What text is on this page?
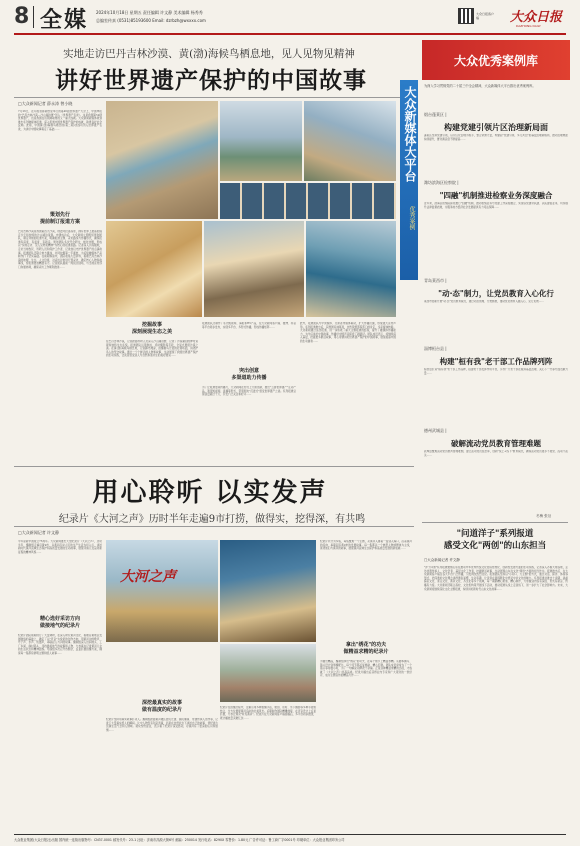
8 全媒 2024年10月18日 星期五 责任编辑 许文静 美术编辑 杨秀秀
总编室传真 (0531)85193600 Email: dzrbzh@wxxxx.com
大众日报客户端	大众日报
DAZHONG DAILY
实地走访巴丹吉林沙漠、黄(渤)海候鸟栖息地，见人见物见精神
讲好世界遗产保护的中国故事
□大众新闻记者 薛永涛 曾小晓
7月26日，在印度首都新德里举行的第46届世界遗产大会上，中国申报的"巴丹吉林沙漠—沙山湖泊群"列入《世界遗产名录》。这是我国第59项世界遗产，也是我国在该领域取得的又一重大成就。大众新闻新媒体策划推出系列融媒体报道，深入报道中国世界遗产保护的成就，取得良好社会反响。此前，中国黄(渤)海候鸟栖息地(第二期)也成功列入世界遗产名录，为讲好中国故事奠定了基础……
策划先行
提前制订报道方案
巴丹吉林沙漠是我国第四大沙漠，地处阿拉善高原，拥有世界上最高的固定沙丘和独特的沙山湖泊景观。申遗成功后，大众新闻立即组织策划团队，制定详细的报道方案，明确报道主题、采访路线与传播形式，确保报道有深度、有温度、有新意。策划团队多次开会研讨，细化选题，形成以"实地走访、见人见物见精神"为核心的报道思路。记者深入沙漠腹地，走访当地牧民、科研人员和保护工作者，记录他们守护世界遗产的点滴故事。报道团队还联合地方媒体，共同挖掘第一手素材，为后续融媒体产品制作打下坚实基础。在前期筹备中，团队收集大量资料，梳理巴丹吉林沙漠的地理、生态、人文价值，对采访对象进行预采访，确定核心人物和故事线，使报道更加精准有力。记者团队提前一周到达现场，与当地宣传部门沟通协调，确保采访工作顺利推进……
挖掘故事
深刻展现生态之美
在巴丹吉林沙漠，记者跟随科研人员深入沙山湖泊群，记录了沙漠湖泊的神奇景观和独特生态系统。报道团队运用航拍、延时摄影等手段，全景式展现沙漠之美。在黄(渤)海候鸟栖息地，记者蹲守滩涂，拍摄候鸟迁徙的壮观场面，讲述护鸟人的坚守故事。通过一个个鲜活的人物和故事，生动展现了我国世界遗产保护的生动实践，让读者感受到人与自然和谐共生的美好图景……
报道团队还制作了系列短视频、海报和H5产品，在大众新闻客户端、微博、抖音等平台同步发布，实现多平台、多形式传播，形成传播矩阵……
突出创意
多渠道助力传播
为了让报道更具传播力，大众新闻在形式上大胆创新，推出"云游世界遗产"互动产品，利用短视频、直播等形式，带领网友"沉浸式"感受世界遗产之美。系列报道总阅读量超过千万，引发广泛关注和好评……
此外，报道团队与中央媒体、兄弟省市媒体联动，扩大传播范围，形成强大宣传声势。系列报道推出后，获得国家林草局、自然资源部等部门的肯定，多家媒体转载。大众新闻通过这次报道，进一步积累了重大主题报道的经验，提升了融媒体传播能力，为今后讲好中国故事、传播好中国声音探索了新路径。团队成员表示，将继续深入基层，挖掘更多鲜活故事，用心用情讲好世界遗产保护的中国故事，展现美丽中国的生动画卷……
大众新媒体大平台
优秀案例
大众优秀案例库
为深入学习贯彻党的二十届三中全会精神，大众新媒体大平台推出优秀案例库。
烟台蓬莱区 |
构建党建引领片区治理新局面
蓬莱区坚持党建引领，以片区化治理为抓手，整合资源力量，构建起"党建引领、多元共治"的基层治理新格局，推动治理效能持续提升，群众满意度不断提高……
潍坊滨海区检察院 |
"四融"机制推进检察业务深度融合
近年来，滨海区检察院探索推行"四融"机制，推动检察业务与党建工作深度融合，实现以党建带队建、以队建促业务，切实提升法律监督质效，为服务地方经济社会发展提供有力司法保障……
青岛莱西市 |
"动·态"制力，让党员教育入心化行
莱西市创新开展"动·态"党员教育模式，通过动态管理、分类施教，推动党员教育入脑入心、见行见效……
淄博桓台县 |
构建"桓有我"老干部工作品牌列阵
桓台县打造"桓有我"老干部工作品牌，搭建老干部发挥作用平台，引导广大老干部在服务基层治理、关心下一代等方面贡献力量……
德州武城县 |
破解流动党员教育管理难题
武城县聚焦流动党员教育管理难题，建立流动党员信息库，创新"线上+线下"教育模式，确保流动党员离乡不离党、流动不流失……
冬梅 张衍
"问道洋子"系列报道
感受文化"两创"的山东担当
□大众新闻记者 许文静
"洋子问道"系列报道聚焦山东在推动中华优秀传统文化创造性转化、创新性发展方面的生动实践，记者深入齐鲁大地各地，走访非遗传承人、文化学者、基层文化工作者，挖掘鲜活故事，生动展现山东在文化"两创"方面的担当作为。报道推出后，在大众新闻客户端及各大平台广泛传播，引发网友热烈讨论。报道团队坚持以"小切口、大主题"的方式，通过对话、探访、体验等形式，把深奥的文化理念讲得通俗易懂、生动有趣，让读者在潜移默化中感受中华文化的魅力。系列报道共推出十余期，涵盖儒家文化、泰山文化、黄河文化、齐文化等多个领域，每一期都精心策划、精心制作，力求做到内容有深度、形式有新意、传播有力度。大众新闻还联合高校、文化机构等开展线下活动，推动报道从线上走到线下，进一步扩大了社会影响力。未来，大众新闻将继续深化文化主题报道，持续讲好新时代山东文化故事……
用心聆听 以实发声
纪录片《大河之声》历时半年走遍9市打捞，做得实，挖得深，有共鸣
□大众新闻记者 许文静
今年是新中国成立75周年。大众新闻推出大型纪录片《大河之声》，历时半年，摄制组走遍沿黄9市，以黄河沿岸人民的生产生活为切入点，讲述新时代黄河流域生态保护和高质量发展的生动故事，展现齐鲁儿女奋进新征程的精神风貌……
精心选好采访方向
做接地气的纪录片
纪录片团队前期进行了大量调研，在深入研究黄河文化、梳理沿黄地区发展脉络的基础上，确定了以"声音"为线索的创作方向，用黄河边的歌声、号子声、水声、机器声，串联起人与河的故事。摄制组深入田间地头、工厂车间、渔村码头，寻找最接地气的故事和人物，力求真实记录黄河儿女的生活状态和精神面貌。导演组多次召开选题会，反复打磨拍摄方案，确保每一集都有鲜明主题和感人故事……
大河之声
深挖最真实的故事
做有温度的纪录片
纪录片坚持用真实故事打动人。摄制组跟随黄河滩区居民迁建、渔民捕鱼、非遗传承人创作等，记录下大量真实感人的瞬间。片中人物没有刻意表演，而是在自然状态下讲述自己的故事，使纪录片充满生活气息和人情味。观众纷纷留言，表示看了纪录片深受感动，对黄河有了更深的认识和感情……
纪录片在拍摄过程中，注重运用多种拍摄手法，航拍、延时、水下摄影等多种手段相结合，全方位展现黄河沿岸的壮美风光。后期制作团队精雕细琢，在声音设计上反复打磨，力求让观众"听见黄河"。纪录片在大众新闻客户端首播后，多平台同步推送，累计播放量突破亿次……
纪录片共分为多集，每集聚焦一个主题，从黄河入鲁第一站到入海口，沿着黄河的流向，串联起沿黄9市的发展故事。每一集都以一个典型人物或群体为主线，讲述他们与黄河的故事，展现黄河流域生态保护和高质量发展的新成就……
拿出"绣花"的功夫
做精益求精的纪录片
为做出精品，摄制组拿出"绣花"的功夫，在每个细节上精益求精。从脚本撰写、镜头设计到剪辑配乐，每个环节都反复推敲、精心打磨。团队成员常常为了一个镜头等待数小时，为了一句解说词修改十余遍。正是这种精益求精的态度，才成就了《大河之声》的高品质。纪录片播出后获得业内专家和广大观众的一致好评，成为主题宣传的精品力作……
大众报业集团(大众日报社)出版 国内统一连续出版物号：CN37-0001 邮发代号：23-1 社址：济南市泺源大街6号 邮编：250014 发行电话：8290X 零售价：1.80元 广告许可证：鲁工商广字0001号 印刷单位：大众报业集团印务公司
